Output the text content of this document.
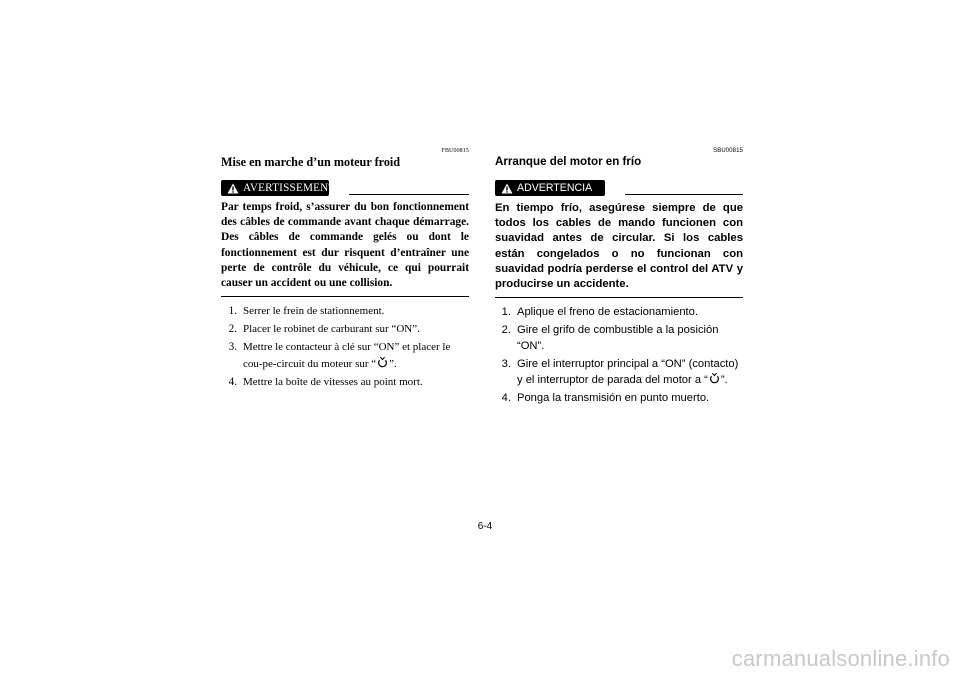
FBU00815
Mise en marche d’un moteur froid
AVERTISSEMENT
Par temps froid, s’assurer du bon fonctionnement des câbles de commande avant chaque démarrage. Des câbles de commande gelés ou dont le fonctionnement est dur risquent d’entraîner une perte de contrôle du véhicule, ce qui pourrait causer un accident ou une collision.
1. Serrer le frein de stationnement.
2. Placer le robinet de carburant sur “ON”.
3. Mettre le contacteur à clé sur “ON” et placer le cou-pe-circuit du moteur sur “ ”.
4. Mettre la boîte de vitesses au point mort.
SBU00815
Arranque del motor en frío
ADVERTENCIA
En tiempo frío, asegúrese siempre de que todos los cables de mando funcionen con suavidad antes de circular. Si los cables están congelados o no funcionan con suavidad podría perderse el control del ATV y producirse un accidente.
1. Aplique el freno de estacionamiento.
2. Gire el grifo de combustible a la posición “ON”.
3. Gire el interruptor principal a “ON” (contacto) y el interruptor de parada del motor a “ ”.
4. Ponga la transmisión en punto muerto.
6-4
carmanualsonline.info
